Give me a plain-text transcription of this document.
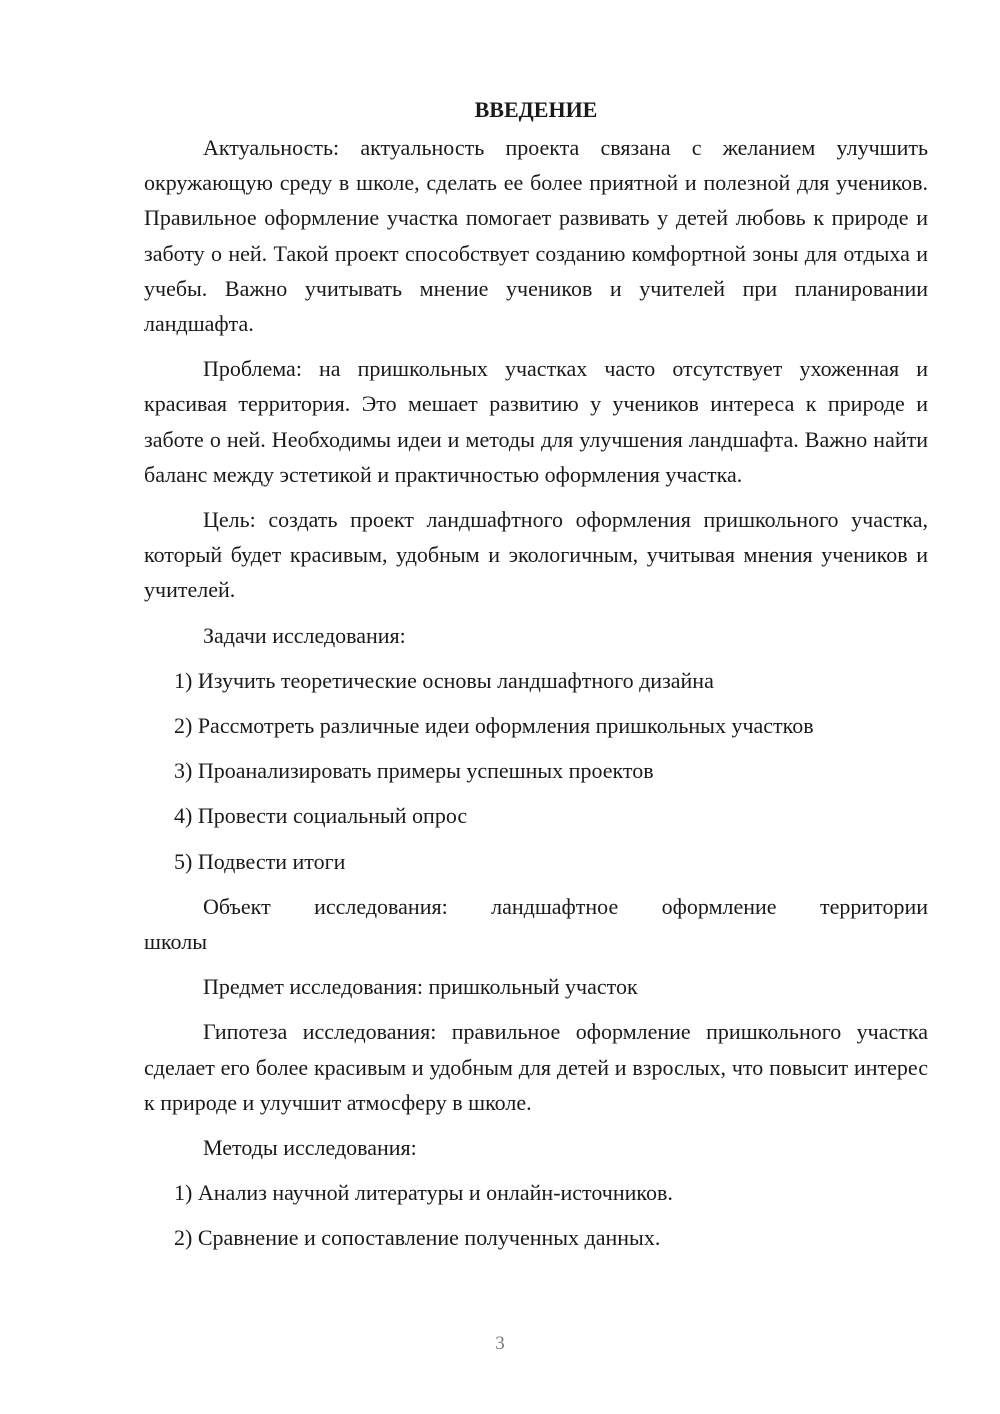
ВВЕДЕНИЕ
Актуальность: актуальность проекта связана с желанием улучшить окружающую среду в школе, сделать ее более приятной и полезной для учеников. Правильное оформление участка помогает развивать у детей любовь к природе и заботу о ней. Такой проект способствует созданию комфортной зоны для отдыха и учебы. Важно учитывать мнение учеников и учителей при планировании ландшафта.
Проблема: на пришкольных участках часто отсутствует ухоженная и красивая территория. Это мешает развитию у учеников интереса к природе и заботе о ней. Необходимы идеи и методы для улучшения ландшафта. Важно найти баланс между эстетикой и практичностью оформления участка.
Цель: создать проект ландшафтного оформления пришкольного участка, который будет красивым, удобным и экологичным, учитывая мнения учеников и учителей.
Задачи исследования:
1) Изучить теоретические основы ландшафтного дизайна
2) Рассмотреть различные идеи оформления пришкольных участков
3) Проанализировать примеры успешных проектов
4) Провести социальный опрос
5) Подвести итоги
Объект исследования: ландшафтное оформление территории
школы
Предмет исследования: пришкольный участок
Гипотеза исследования: правильное оформление пришкольного участка сделает его более красивым и удобным для детей и взрослых, что повысит интерес к природе и улучшит атмосферу в школе.
Методы исследования:
1) Анализ научной литературы и онлайн-источников.
2) Сравнение и сопоставление полученных данных.
3
